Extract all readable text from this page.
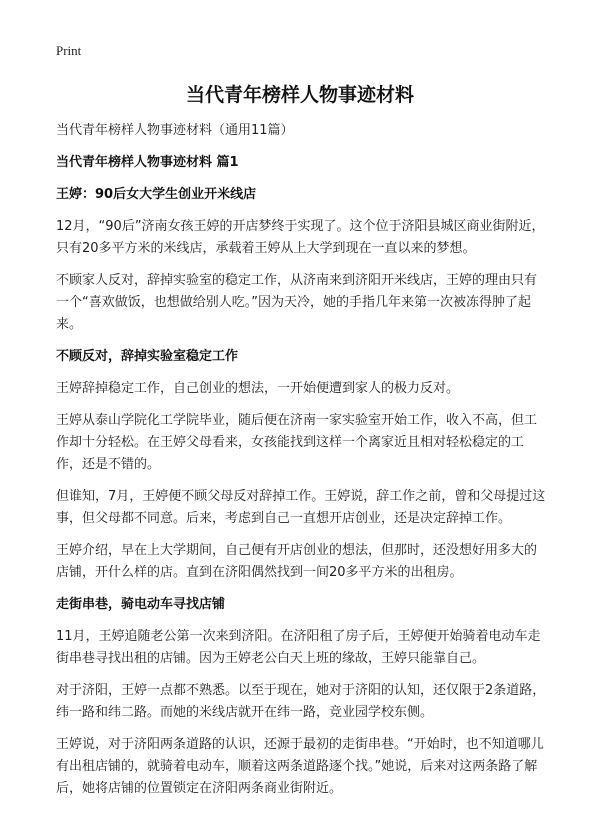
Print
当代青年榜样人物事迹材料

当代青年榜样人物事迹材料（通用11篇）

当代青年榜样人物事迹材料 篇1
王婷：90后女大学生创业开米线店

12月，“90后”济南女孩王婷的开店梦终于实现了。这个位于济阳县城区商业街附近，只有20多平方米的米线店，承载着王婷从上大学到现在一直以来的梦想。

不顾家人反对，辞掉实验室的稳定工作，从济南来到济阳开米线店，王婷的理由只有一个“喜欢做饭，也想做给别人吃。”因为天冷，她的手指几年来第一次被冻得肿了起来。

不顾反对，辞掉实验室稳定工作

王婷辞掉稳定工作，自己创业的想法，一开始便遭到家人的极力反对。

王婷从泰山学院化工学院毕业，随后便在济南一家实验室开始工作，收入不高，但工作却十分轻松。在王婷父母看来，女孩能找到这样一个离家近且相对轻松稳定的工作，还是不错的。

但谁知，7月，王婷便不顾父母反对辞掉工作。王婷说，辞工作之前，曾和父母提过这事，但父母都不同意。后来，考虑到自己一直想开店创业，还是决定辞掉工作。

王婷介绍，早在上大学期间，自己便有开店创业的想法，但那时，还没想好用多大的店铺，开什么样的店。直到在济阳偶然找到一间20多平方米的出租房。

走街串巷，骑电动车寻找店铺

11月，王婷追随老公第一次来到济阳。在济阳租了房子后，王婷便开始骑着电动车走街串巷寻找出租的店铺。因为王婷老公白天上班的缘故，王婷只能靠自己。

对于济阳，王婷一点都不熟悉。以至于现在，她对于济阳的认知，还仅限于2条道路，纬一路和纬二路。而她的米线店就开在纬一路，竞业园学校东侧。

王婷说，对于济阳两条道路的认识，还源于最初的走街串巷。“开始时，也不知道哪儿有出租店铺的，就骑着电动车，顺着这两条道路逐个找。”她说，后来对这两条路了解后，她将店铺的位置锁定在济阳两条商业街附近。
